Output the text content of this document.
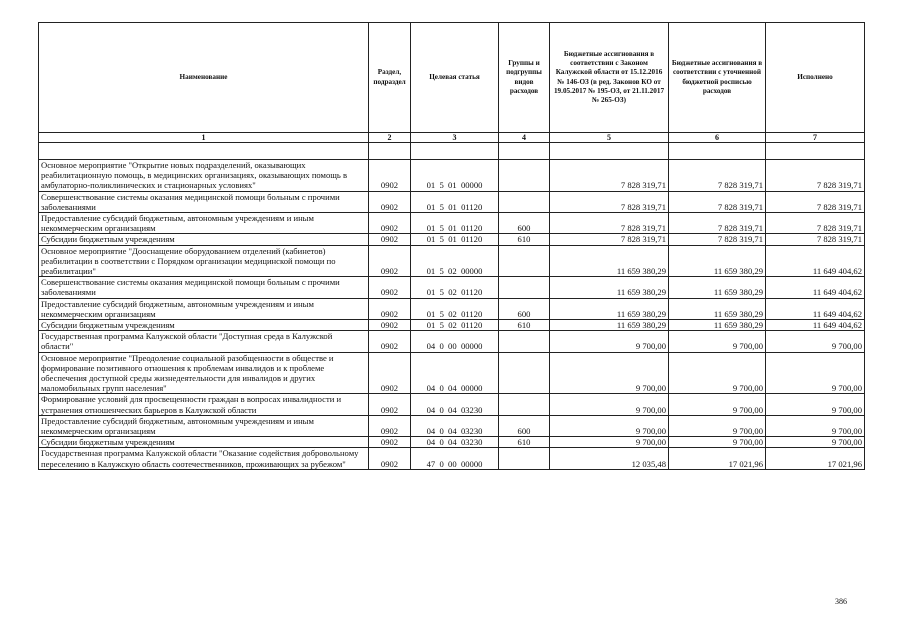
Наименование	Раздел, подраздел	Целевая статья	Группы и подгруппы видов расходов	Бюджетные ассигнования в соответствии с Законом Калужской области от 15.12.2016 № 146-ОЗ (в ред. Законов КО от 19.05.2017 № 195-ОЗ, от 21.11.2017 № 265-ОЗ)	Бюджетные ассигнования в соответствии с уточненной бюджетной росписью расходов	Исполнено
1	2	3	4	5	6	7

Основное мероприятие "Открытие новых подразделений, оказывающих реабилитационную помощь, в медицинских организациях, оказывающих помощь в амбулаторно-поликлинических и стационарных условиях"	0902	01  5  01  00000		7 828 319,71	7 828 319,71	7 828 319,71
Совершенствование системы оказания медицинской помощи больным с прочими заболеваниями	0902	01  5  01  01120		7 828 319,71	7 828 319,71	7 828 319,71
Предоставление субсидий бюджетным, автономным учреждениям и иным некоммерческим организациям	0902	01  5  01  01120	600	7 828 319,71	7 828 319,71	7 828 319,71
Субсидии бюджетным учреждениям	0902	01  5  01  01120	610	7 828 319,71	7 828 319,71	7 828 319,71
Основное мероприятие "Дооснащение оборудованием отделений (кабинетов) реабилитации в соответствии с Порядком организации медицинской помощи по реабилитации"	0902	01  5  02  00000		11 659 380,29	11 659 380,29	11 649 404,62
Совершенствование системы оказания медицинской помощи больным с прочими заболеваниями	0902	01  5  02  01120		11 659 380,29	11 659 380,29	11 649 404,62
Предоставление субсидий бюджетным, автономным учреждениям и иным некоммерческим организациям	0902	01  5  02  01120	600	11 659 380,29	11 659 380,29	11 649 404,62
Субсидии бюджетным учреждениям	0902	01  5  02  01120	610	11 659 380,29	11 659 380,29	11 649 404,62
Государственная программа Калужской области "Доступная среда в Калужской области"	0902	04  0  00  00000		9 700,00	9 700,00	9 700,00
Основное мероприятие "Преодоление социальной разобщенности в обществе и формирование позитивного отношения к проблемам инвалидов и к проблеме обеспечения доступной среды жизнедеятельности для инвалидов и других маломобильных групп населения"	0902	04  0  04  00000		9 700,00	9 700,00	9 700,00
Формирование условий для просвещенности граждан в вопросах инвалидности и устранения отношенческих барьеров в Калужской области	0902	04  0  04  03230		9 700,00	9 700,00	9 700,00
Предоставление субсидий бюджетным, автономным учреждениям и иным некоммерческим организациям	0902	04  0  04  03230	600	9 700,00	9 700,00	9 700,00
Субсидии бюджетным учреждениям	0902	04  0  04  03230	610	9 700,00	9 700,00	9 700,00
Государственная программа Калужской области "Оказание содействия добровольному переселению в Калужскую область соотечественников, проживающих за рубежом"	0902	47  0  00  00000		12 035,48	17 021,96	17 021,96
386
